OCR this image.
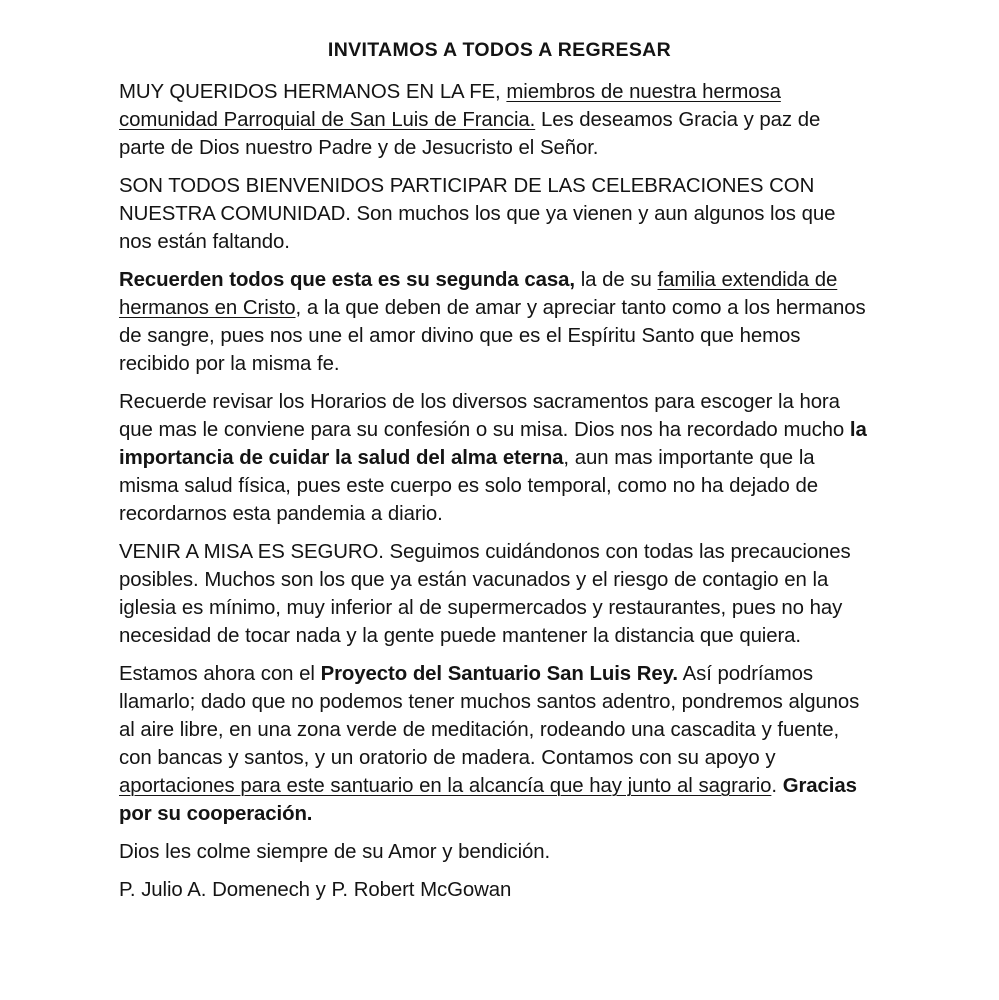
INVITAMOS A TODOS A REGRESAR

MUY QUERIDOS HERMANOS EN LA FE, miembros de nuestra hermosa comunidad Parroquial de San Luis de Francia. Les deseamos Gracia y paz de parte de Dios nuestro Padre y de Jesucristo el Señor.

SON TODOS BIENVENIDOS PARTICIPAR DE LAS CELEBRACIONES CON NUESTRA COMUNIDAD. Son muchos los que ya vienen y aun algunos los que nos están faltando.

Recuerden todos que esta es su segunda casa, la de su familia extendida de hermanos en Cristo, a la que deben de amar y apreciar tanto como a los hermanos de sangre, pues nos une el amor divino que es el Espíritu Santo que hemos recibido por la misma fe.

Recuerde revisar los Horarios de los diversos sacramentos para escoger la hora que mas le conviene para su confesión o su misa. Dios nos ha recordado mucho la importancia de cuidar la salud del alma eterna, aun mas importante que la misma salud física, pues este cuerpo es solo temporal, como no ha dejado de recordarnos esta pandemia a diario.

VENIR A MISA ES SEGURO. Seguimos cuidándonos con todas las precauciones posibles. Muchos son los que ya están vacunados y el riesgo de contagio en la iglesia es mínimo, muy inferior al de supermercados y restaurantes, pues no hay necesidad de tocar nada y la gente puede mantener la distancia que quiera.

Estamos ahora con el Proyecto del Santuario San Luis Rey. Así podríamos llamarlo; dado que no podemos tener muchos santos adentro, pondremos algunos al aire libre, en una zona verde de meditación, rodeando una cascadita y fuente, con bancas y santos, y un oratorio de madera. Contamos con su apoyo y aportaciones para este santuario en la alcancía que hay junto al sagrario. Gracias por su cooperación.

Dios les colme siempre de su Amor y bendición.

P. Julio A. Domenech y P. Robert McGowan
